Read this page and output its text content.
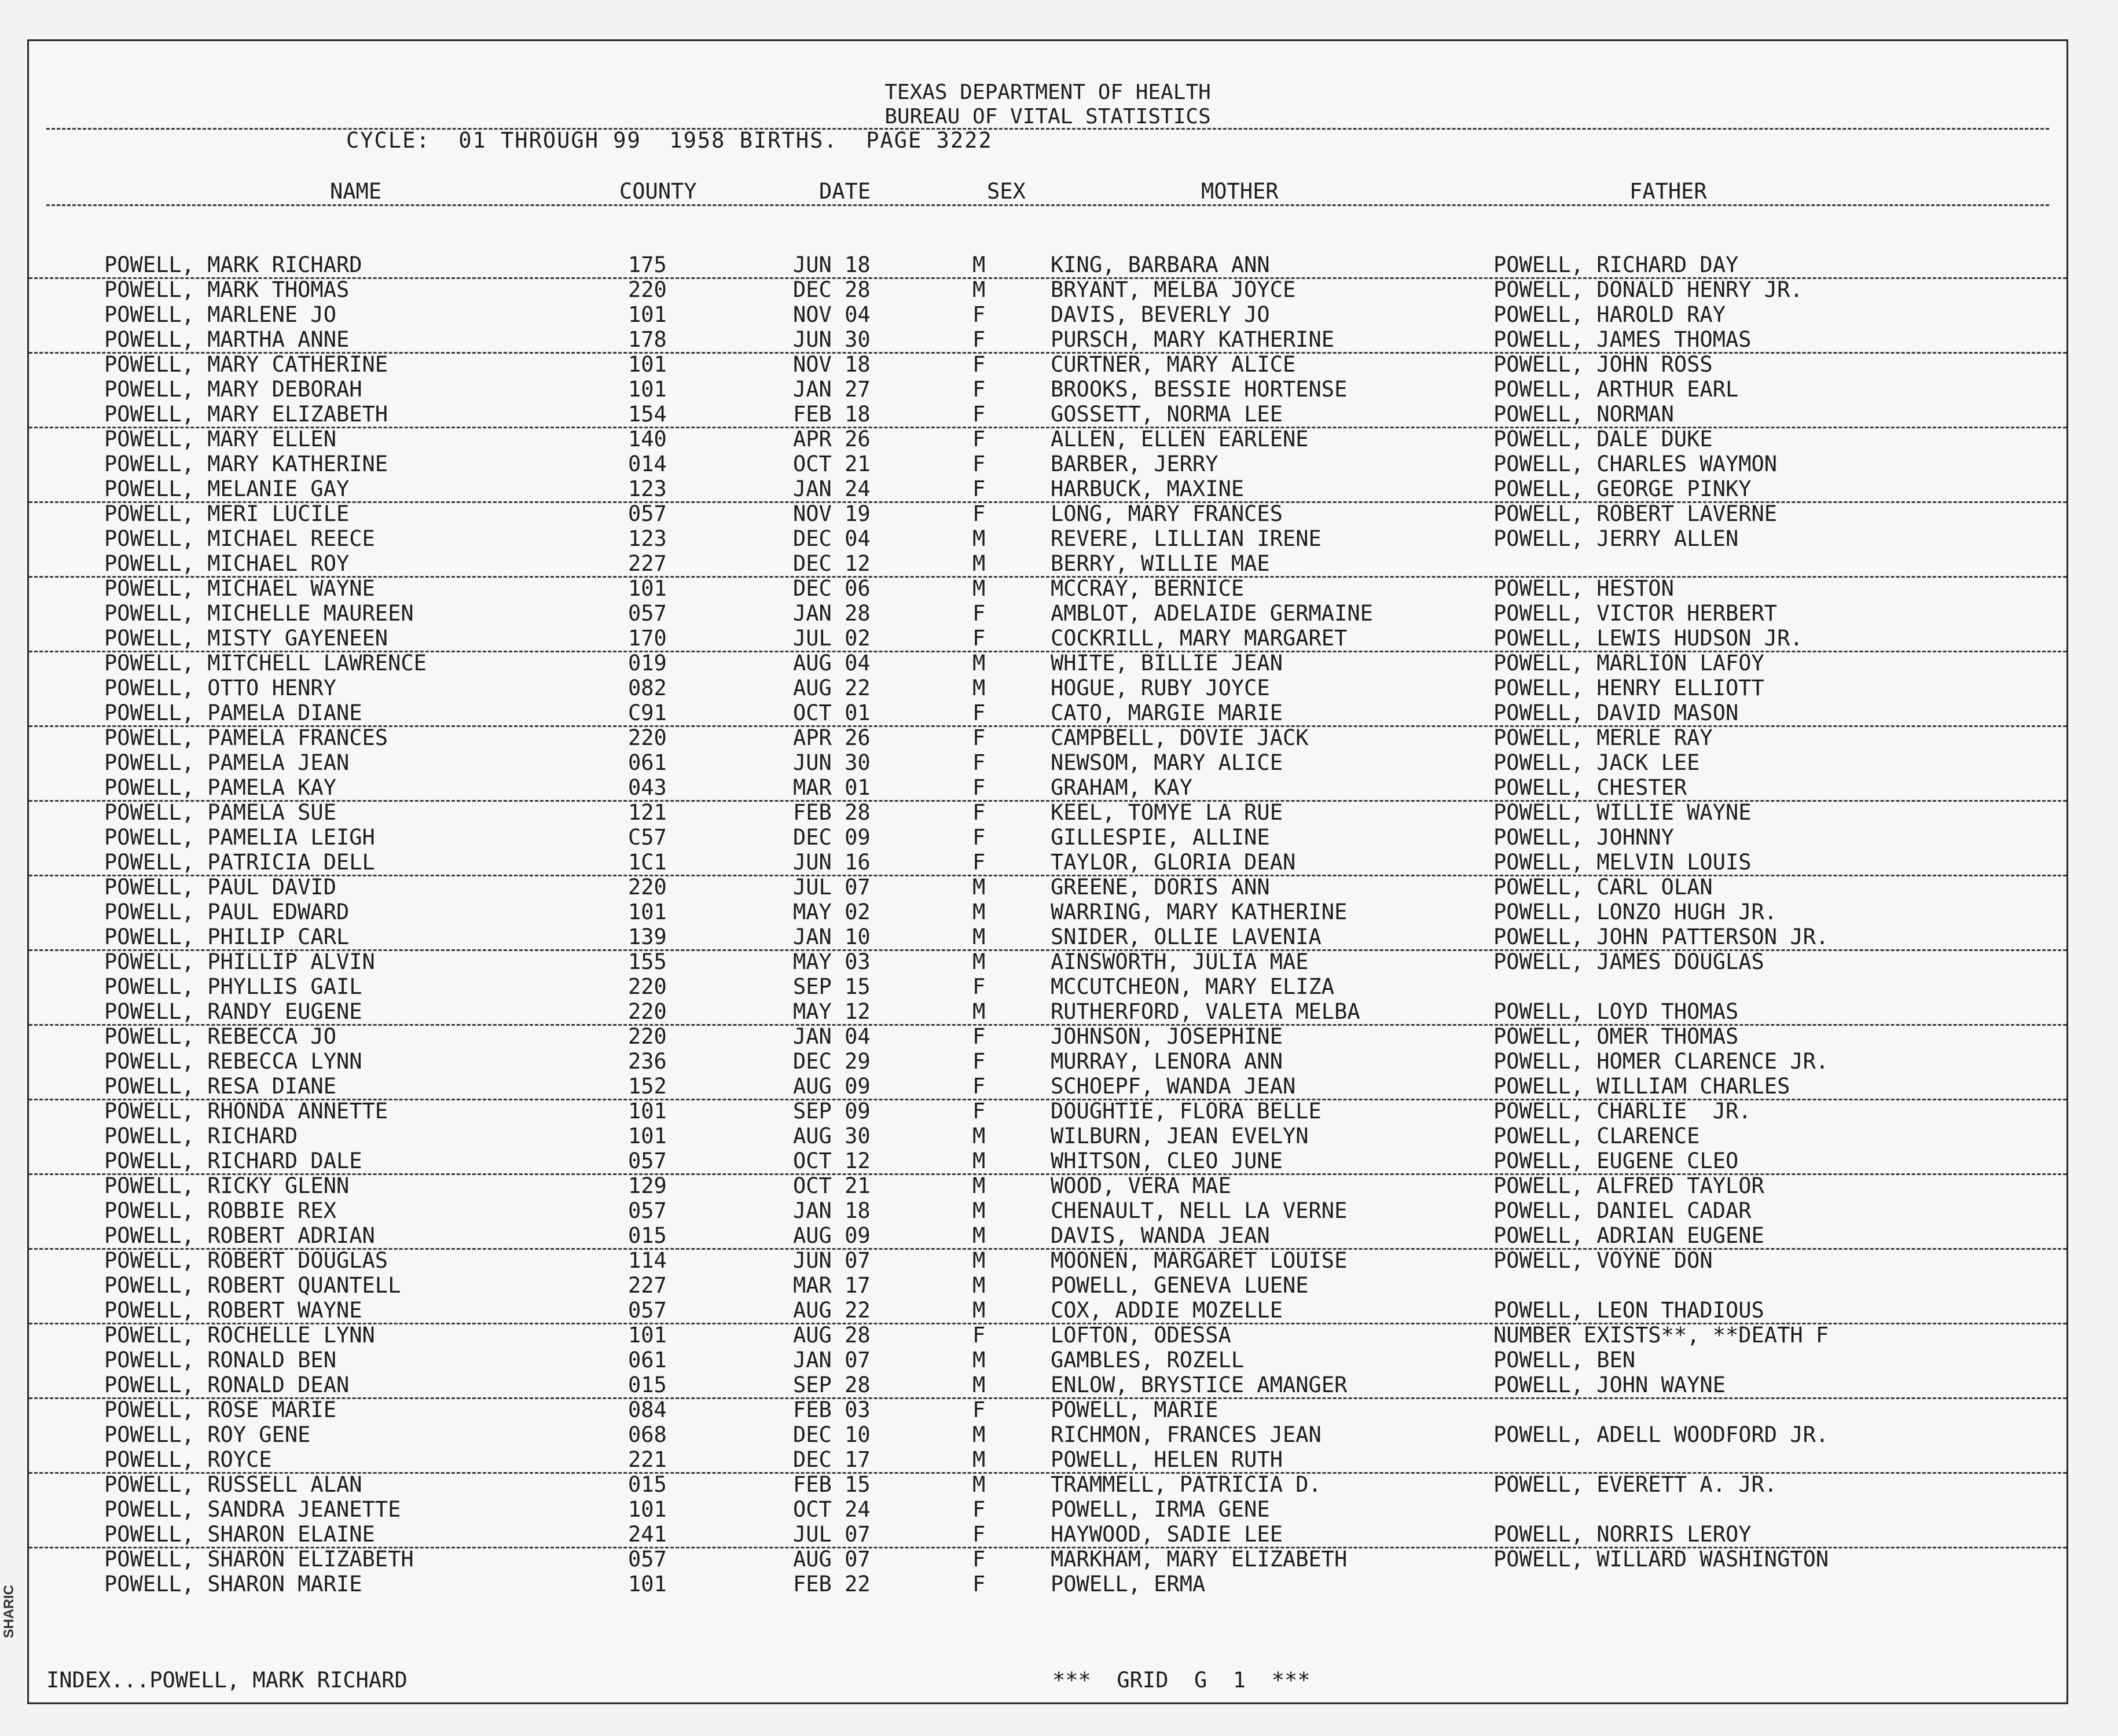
SHARIC
TEXAS DEPARTMENT OF HEALTH
BUREAU OF VITAL STATISTICS
CYCLE:  01 THROUGH 99  1958 BIRTHS.  PAGE 3222
NAME	COUNTY	DATE	SEX	MOTHER	FATHER
POWELL, MARK RICHARD	175	JUN 18	M	KING, BARBARA ANN	POWELL, RICHARD DAY
POWELL, MARK THOMAS	220	DEC 28	M	BRYANT, MELBA JOYCE	POWELL, DONALD HENRY JR.
POWELL, MARLENE JO	101	NOV 04	F	DAVIS, BEVERLY JO	POWELL, HAROLD RAY
POWELL, MARTHA ANNE	178	JUN 30	F	PURSCH, MARY KATHERINE	POWELL, JAMES THOMAS
POWELL, MARY CATHERINE	101	NOV 18	F	CURTNER, MARY ALICE	POWELL, JOHN ROSS
POWELL, MARY DEBORAH	101	JAN 27	F	BROOKS, BESSIE HORTENSE	POWELL, ARTHUR EARL
POWELL, MARY ELIZABETH	154	FEB 18	F	GOSSETT, NORMA LEE	POWELL, NORMAN
POWELL, MARY ELLEN	140	APR 26	F	ALLEN, ELLEN EARLENE	POWELL, DALE DUKE
POWELL, MARY KATHERINE	014	OCT 21	F	BARBER, JERRY	POWELL, CHARLES WAYMON
POWELL, MELANIE GAY	123	JAN 24	F	HARBUCK, MAXINE	POWELL, GEORGE PINKY
POWELL, MERI LUCILE	057	NOV 19	F	LONG, MARY FRANCES	POWELL, ROBERT LAVERNE
POWELL, MICHAEL REECE	123	DEC 04	M	REVERE, LILLIAN IRENE	POWELL, JERRY ALLEN
POWELL, MICHAEL ROY	227	DEC 12	M	BERRY, WILLIE MAE
POWELL, MICHAEL WAYNE	101	DEC 06	M	MCCRAY, BERNICE	POWELL, HESTON
POWELL, MICHELLE MAUREEN	057	JAN 28	F	AMBLOT, ADELAIDE GERMAINE	POWELL, VICTOR HERBERT
POWELL, MISTY GAYENEEN	170	JUL 02	F	COCKRILL, MARY MARGARET	POWELL, LEWIS HUDSON JR.
POWELL, MITCHELL LAWRENCE	019	AUG 04	M	WHITE, BILLIE JEAN	POWELL, MARLION LAFOY
POWELL, OTTO HENRY	082	AUG 22	M	HOGUE, RUBY JOYCE	POWELL, HENRY ELLIOTT
POWELL, PAMELA DIANE	C91	OCT 01	F	CATO, MARGIE MARIE	POWELL, DAVID MASON
POWELL, PAMELA FRANCES	220	APR 26	F	CAMPBELL, DOVIE JACK	POWELL, MERLE RAY
POWELL, PAMELA JEAN	061	JUN 30	F	NEWSOM, MARY ALICE	POWELL, JACK LEE
POWELL, PAMELA KAY	043	MAR 01	F	GRAHAM, KAY	POWELL, CHESTER
POWELL, PAMELA SUE	121	FEB 28	F	KEEL, TOMYE LA RUE	POWELL, WILLIE WAYNE
POWELL, PAMELIA LEIGH	C57	DEC 09	F	GILLESPIE, ALLINE	POWELL, JOHNNY
POWELL, PATRICIA DELL	1C1	JUN 16	F	TAYLOR, GLORIA DEAN	POWELL, MELVIN LOUIS
POWELL, PAUL DAVID	220	JUL 07	M	GREENE, DORIS ANN	POWELL, CARL OLAN
POWELL, PAUL EDWARD	101	MAY 02	M	WARRING, MARY KATHERINE	POWELL, LONZO HUGH JR.
POWELL, PHILIP CARL	139	JAN 10	M	SNIDER, OLLIE LAVENIA	POWELL, JOHN PATTERSON JR.
POWELL, PHILLIP ALVIN	155	MAY 03	M	AINSWORTH, JULIA MAE	POWELL, JAMES DOUGLAS
POWELL, PHYLLIS GAIL	220	SEP 15	F	MCCUTCHEON, MARY ELIZA
POWELL, RANDY EUGENE	220	MAY 12	M	RUTHERFORD, VALETA MELBA	POWELL, LOYD THOMAS
POWELL, REBECCA JO	220	JAN 04	F	JOHNSON, JOSEPHINE	POWELL, OMER THOMAS
POWELL, REBECCA LYNN	236	DEC 29	F	MURRAY, LENORA ANN	POWELL, HOMER CLARENCE JR.
POWELL, RESA DIANE	152	AUG 09	F	SCHOEPF, WANDA JEAN	POWELL, WILLIAM CHARLES
POWELL, RHONDA ANNETTE	101	SEP 09	F	DOUGHTIE, FLORA BELLE	POWELL, CHARLIE  JR.
POWELL, RICHARD	101	AUG 30	M	WILBURN, JEAN EVELYN	POWELL, CLARENCE
POWELL, RICHARD DALE	057	OCT 12	M	WHITSON, CLEO JUNE	POWELL, EUGENE CLEO
POWELL, RICKY GLENN	129	OCT 21	M	WOOD, VERA MAE	POWELL, ALFRED TAYLOR
POWELL, ROBBIE REX	057	JAN 18	M	CHENAULT, NELL LA VERNE	POWELL, DANIEL CADAR
POWELL, ROBERT ADRIAN	015	AUG 09	M	DAVIS, WANDA JEAN	POWELL, ADRIAN EUGENE
POWELL, ROBERT DOUGLAS	114	JUN 07	M	MOONEN, MARGARET LOUISE	POWELL, VOYNE DON
POWELL, ROBERT QUANTELL	227	MAR 17	M	POWELL, GENEVA LUENE
POWELL, ROBERT WAYNE	057	AUG 22	M	COX, ADDIE MOZELLE	POWELL, LEON THADIOUS
POWELL, ROCHELLE LYNN	101	AUG 28	F	LOFTON, ODESSA	NUMBER EXISTS**, **DEATH F
POWELL, RONALD BEN	061	JAN 07	M	GAMBLES, ROZELL	POWELL, BEN
POWELL, RONALD DEAN	015	SEP 28	M	ENLOW, BRYSTICE AMANGER	POWELL, JOHN WAYNE
POWELL, ROSE MARIE	084	FEB 03	F	POWELL, MARIE
POWELL, ROY GENE	068	DEC 10	M	RICHMON, FRANCES JEAN	POWELL, ADELL WOODFORD JR.
POWELL, ROYCE	221	DEC 17	M	POWELL, HELEN RUTH
POWELL, RUSSELL ALAN	015	FEB 15	M	TRAMMELL, PATRICIA D.	POWELL, EVERETT A. JR.
POWELL, SANDRA JEANETTE	101	OCT 24	F	POWELL, IRMA GENE
POWELL, SHARON ELAINE	241	JUL 07	F	HAYWOOD, SADIE LEE	POWELL, NORRIS LEROY
POWELL, SHARON ELIZABETH	057	AUG 07	F	MARKHAM, MARY ELIZABETH	POWELL, WILLARD WASHINGTON
POWELL, SHARON MARIE	101	FEB 22	F	POWELL, ERMA
INDEX...POWELL, MARK RICHARD	***  GRID  G  1  ***
